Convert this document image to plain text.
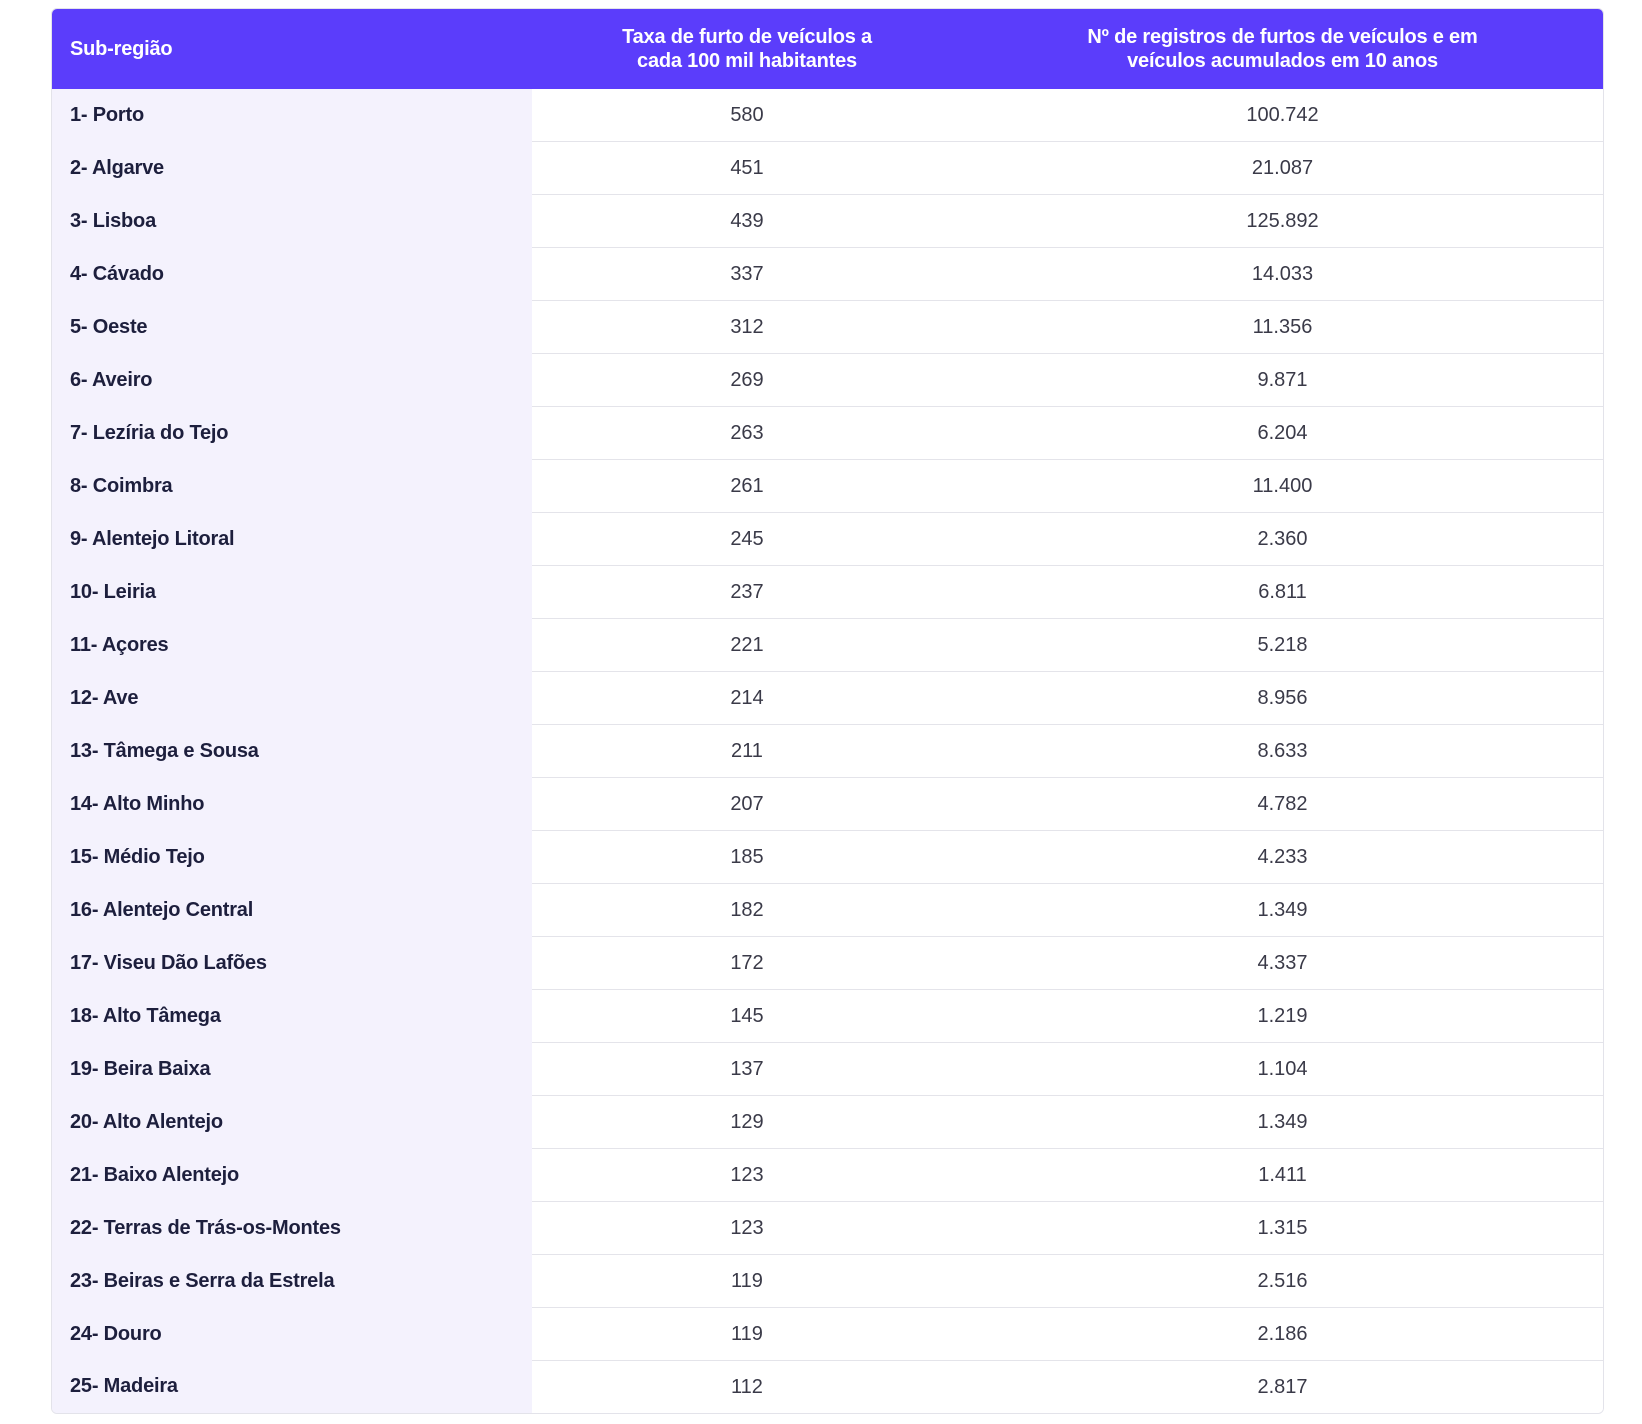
Sub-região	Taxa de furto de veículos a cada 100 mil habitantes	Nº de registros de furtos de veículos e em veículos acumulados em 10 anos
1- Porto	580	100.742
2- Algarve	451	21.087
3- Lisboa	439	125.892
4- Cávado	337	14.033
5- Oeste	312	11.356
6- Aveiro	269	9.871
7- Lezíria do Tejo	263	6.204
8- Coimbra	261	11.400
9- Alentejo Litoral	245	2.360
10- Leiria	237	6.811
11- Açores	221	5.218
12- Ave	214	8.956
13- Tâmega e Sousa	211	8.633
14- Alto Minho	207	4.782
15- Médio Tejo	185	4.233
16- Alentejo Central	182	1.349
17- Viseu Dão Lafões	172	4.337
18- Alto Tâmega	145	1.219
19- Beira Baixa	137	1.104
20- Alto Alentejo	129	1.349
21- Baixo Alentejo	123	1.411
22- Terras de Trás-os-Montes	123	1.315
23- Beiras e Serra da Estrela	119	2.516
24- Douro	119	2.186
25- Madeira	112	2.817
